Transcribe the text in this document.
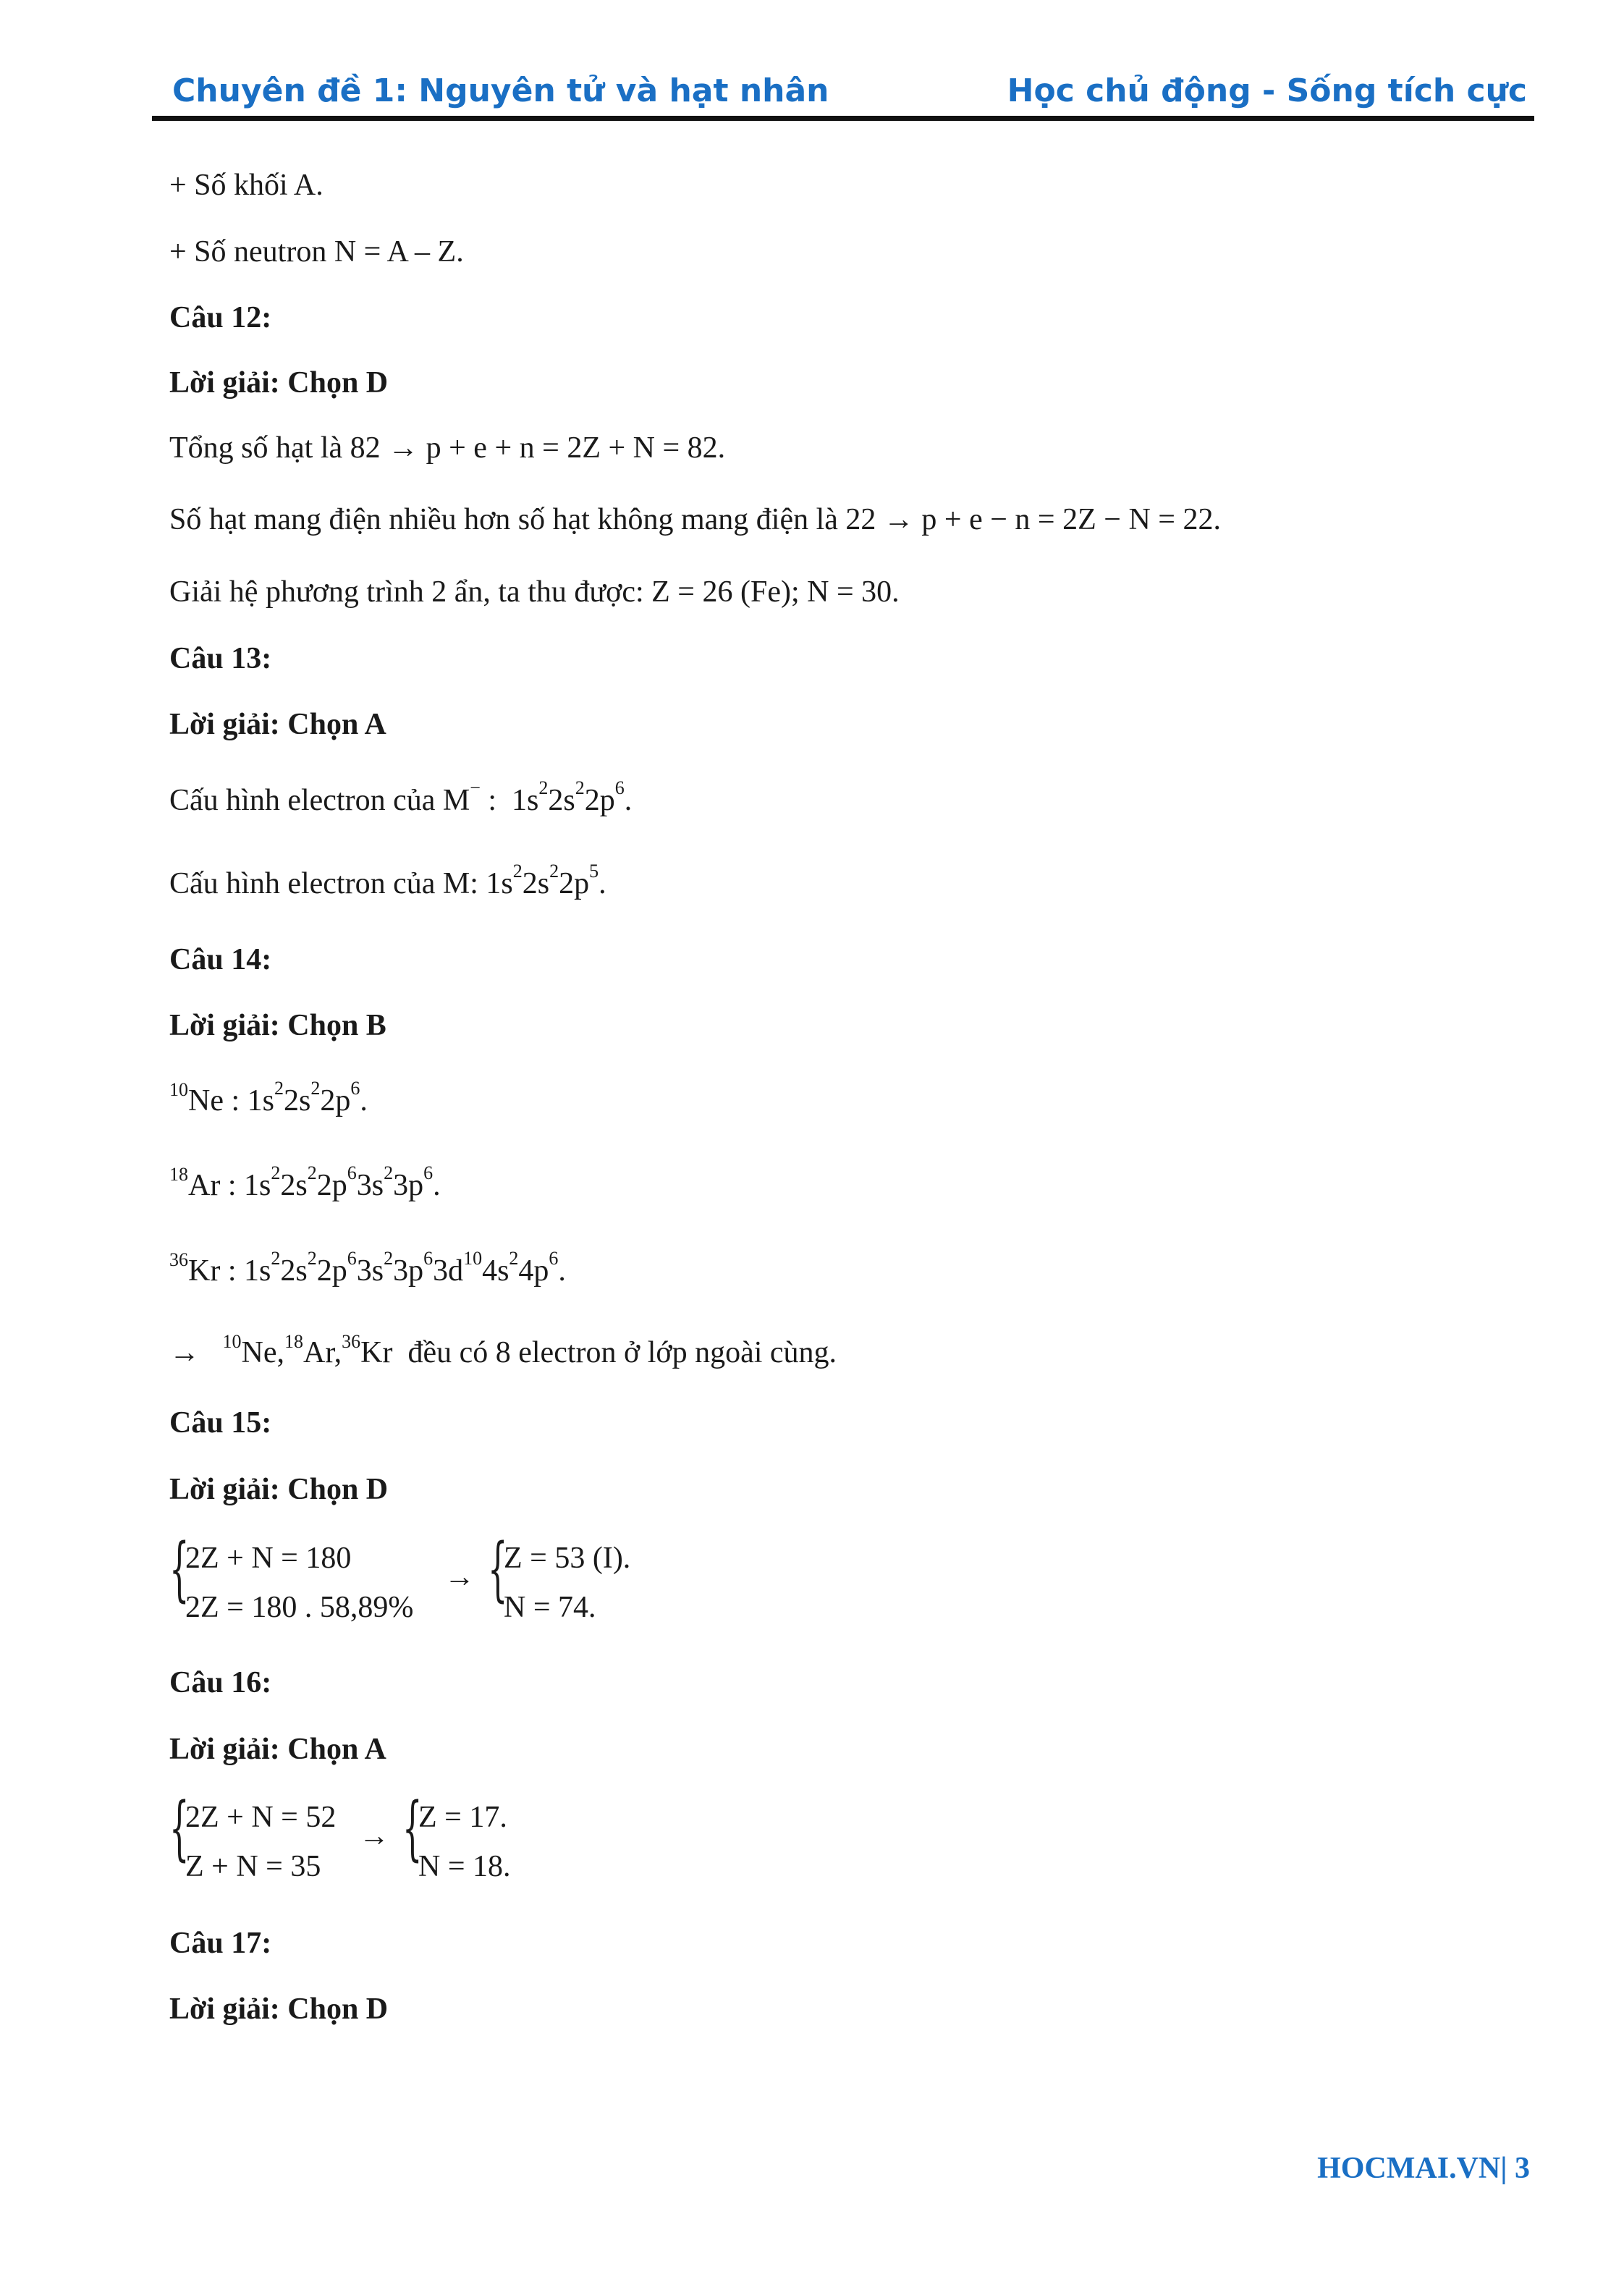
Chuyên đề 1: Nguyên tử và hạt nhân	Học chủ động - Sống tích cực
+ Số khối A.
+ Số neutron N = A – Z.
Câu 12:
Lời giải: Chọn D
Tổng số hạt là 82 → p + e + n = 2Z + N = 82.
Số hạt mang điện nhiều hơn số hạt không mang điện là 22 → p + e − n = 2Z − N = 22.
Giải hệ phương trình 2 ẩn, ta thu được: Z = 26 (Fe); N = 30.
Câu 13:
Lời giải: Chọn A
Cấu hình electron của M− :  $1s^22s^22p^6$.
Cấu hình electron của M: $1s^22s^22p^5$.
Câu 14:
Lời giải: Chọn B
$^{10}$Ne : $1s^22s^22p^6$.
$^{18}$Ar : $1s^22s^22p^63s^23p^6$.
$^{36}$Kr : $1s^22s^22p^63s^23p^63d^{10}4s^24p^6$.
→   $^{10}$Ne,$^{18}$Ar,$^{36}$Kr  đều có 8 electron ở lớp ngoài cùng.
Câu 15:
Lời giải: Chọn D
{
2Z + N = 180
2Z = 180 . 58,89%
→ {
Z = 53 (I).
N = 74.
Câu 16:
Lời giải: Chọn A
{
2Z + N = 52
Z + N = 35
→ {
Z = 17.
N = 18.
Câu 17:
Lời giải: Chọn D
HOCMAI.VN| 3
